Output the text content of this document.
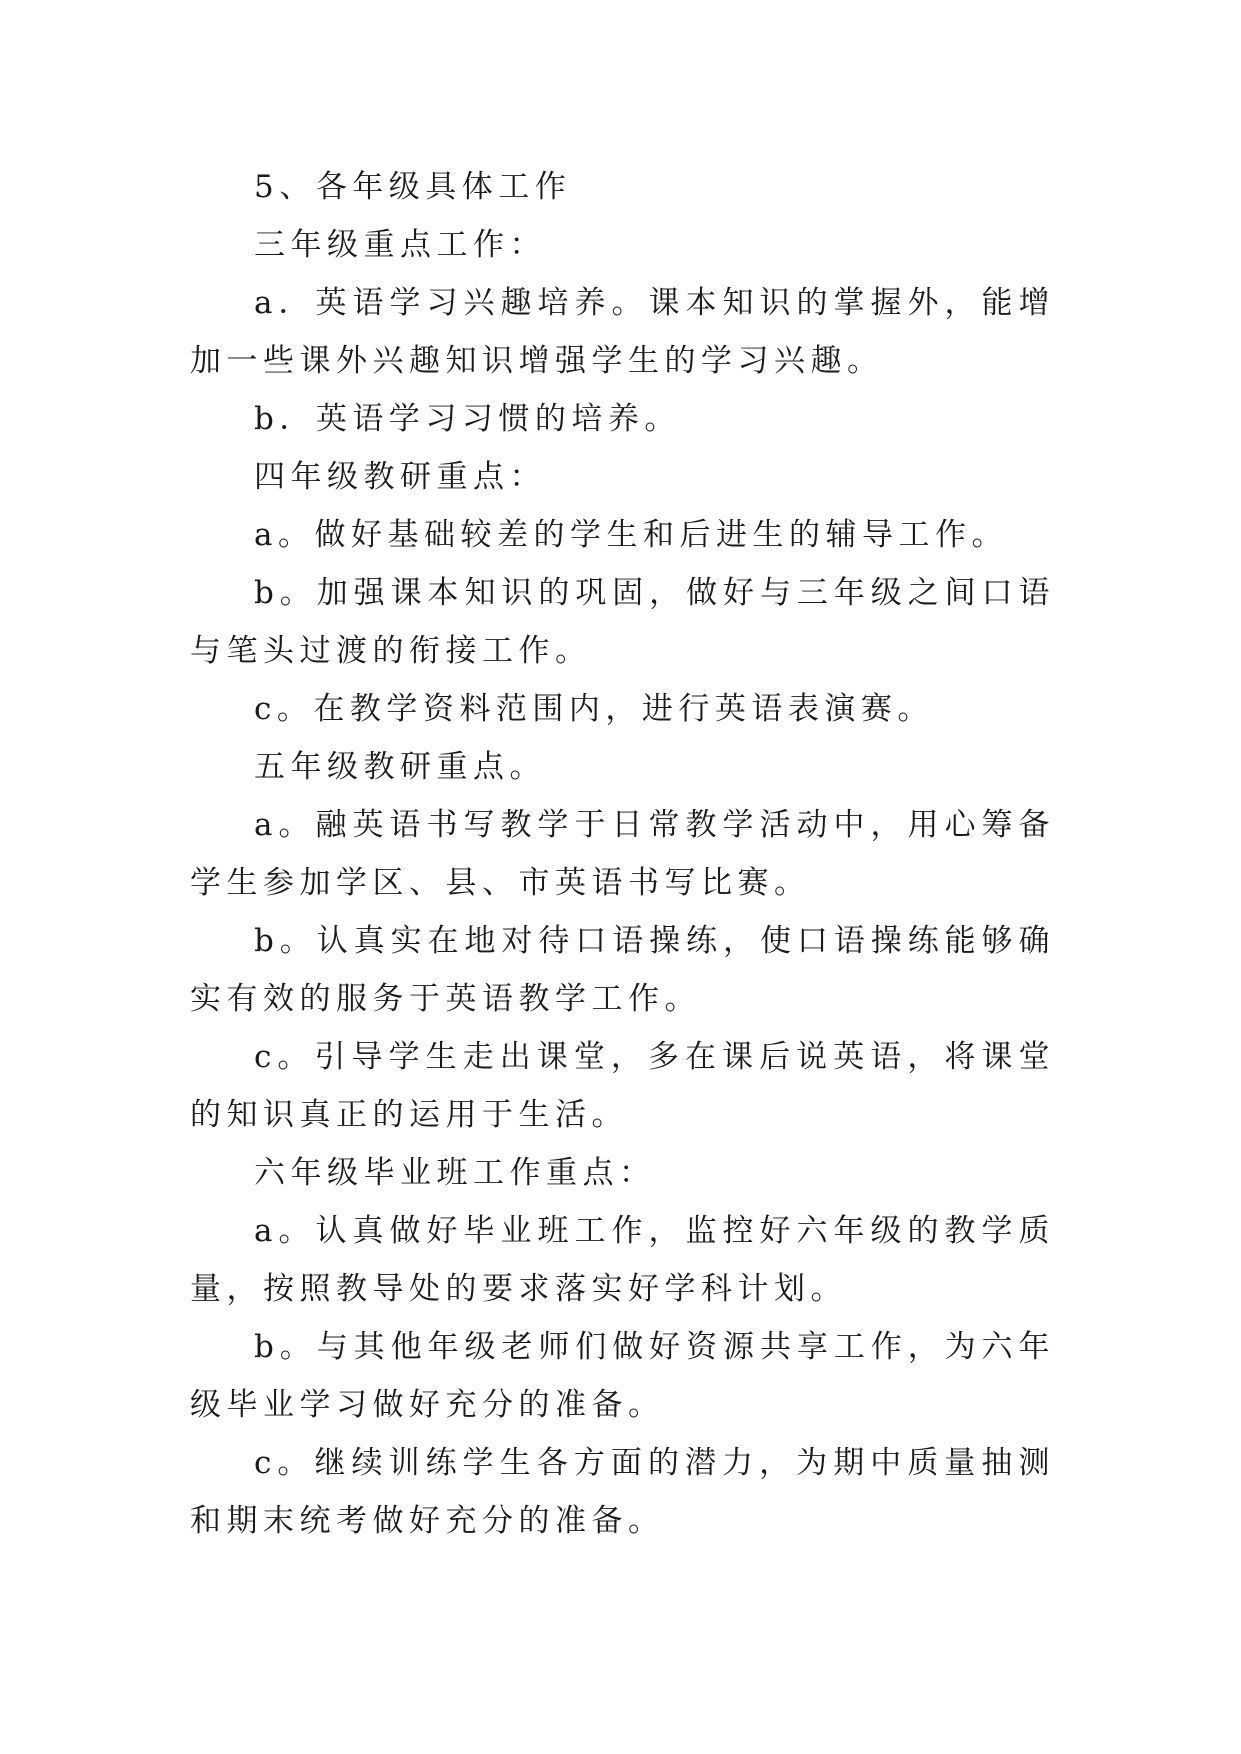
5、各年级具体工作

三年级重点工作：

a．英语学习兴趣培养。课本知识的掌握外，能增加一些课外兴趣知识增强学生的学习兴趣。

b．英语学习习惯的培养。

四年级教研重点：

a。做好基础较差的学生和后进生的辅导工作。

b。加强课本知识的巩固，做好与三年级之间口语与笔头过渡的衔接工作。

c。在教学资料范围内，进行英语表演赛。

五年级教研重点。

a。融英语书写教学于日常教学活动中，用心筹备学生参加学区、县、市英语书写比赛。

b。认真实在地对待口语操练，使口语操练能够确实有效的服务于英语教学工作。

c。引导学生走出课堂，多在课后说英语，将课堂的知识真正的运用于生活。

六年级毕业班工作重点：

a。认真做好毕业班工作，监控好六年级的教学质量，按照教导处的要求落实好学科计划。

b。与其他年级老师们做好资源共享工作，为六年级毕业学习做好充分的准备。

c。继续训练学生各方面的潜力，为期中质量抽测和期末统考做好充分的准备。
